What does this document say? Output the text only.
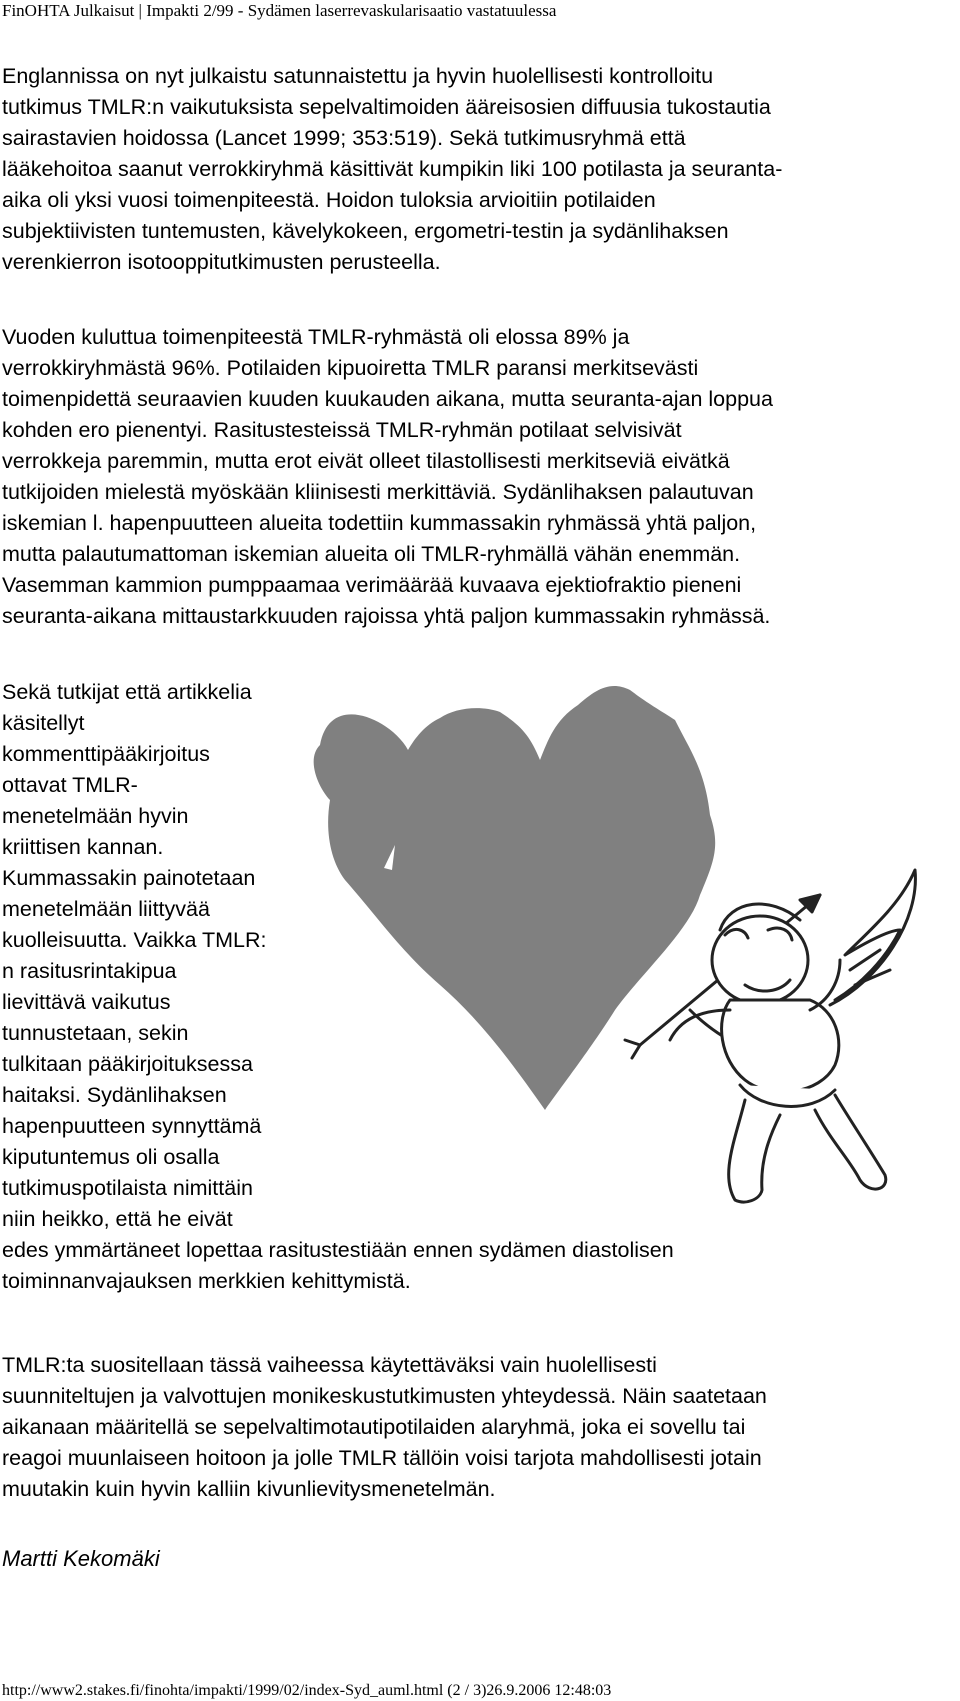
FinOHTA Julkaisut | Impakti 2/99 - Sydämen laserrevaskularisaatio vastatuulessa
Englannissa on nyt julkaistu satunnaistettu ja hyvin huolellisesti kontrolloitu
tutkimus TMLR:n vaikutuksista sepelvaltimoiden ääreisosien diffuusia tukostautia
sairastavien hoidossa (Lancet 1999; 353:519). Sekä tutkimusryhmä että
lääkehoitoa saanut verrokkiryhmä käsittivät kumpikin liki 100 potilasta ja seuranta-
aika oli yksi vuosi toimenpiteestä. Hoidon tuloksia arvioitiin potilaiden
subjektiivisten tuntemusten, kävelykokeen, ergometri-testin ja sydänlihaksen
verenkierron isotooppitutkimusten perusteella.
Vuoden kuluttua toimenpiteestä TMLR-ryhmästä oli elossa 89% ja
verrokkiryhmästä 96%. Potilaiden kipuoiretta TMLR paransi merkitsevästi
toimenpidettä seuraavien kuuden kuukauden aikana, mutta seuranta-ajan loppua
kohden ero pienentyi. Rasitustesteissä TMLR-ryhmän potilaat selvisivät
verrokkeja paremmin, mutta erot eivät olleet tilastollisesti merkitseviä eivätkä
tutkijoiden mielestä myöskään kliinisesti merkittäviä. Sydänlihaksen palautuvan
iskemian l. hapenpuutteen alueita todettiin kummassakin ryhmässä yhtä paljon,
mutta palautumattoman iskemian alueita oli TMLR-ryhmällä vähän enemmän.
Vasemman kammion pumppaamaa verimäärää kuvaava ejektiofraktio pieneni
seuranta-aikana mittaustarkkuuden rajoissa yhtä paljon kummassakin ryhmässä.
Sekä tutkijat että artikkelia
käsitellyt
kommenttipääkirjoitus
ottavat TMLR-
menetelmään hyvin
kriittisen kannan.
Kummassakin painotetaan
menetelmään liittyvää
kuolleisuutta. Vaikka TMLR:
n rasitusrintakipua
lievittävä vaikutus
tunnustetaan, sekin
tulkitaan pääkirjoituksessa
haitaksi. Sydänlihaksen
hapenpuutteen synnyttämä
kiputuntemus oli osalla
tutkimuspotilaista nimittäin
niin heikko, että he eivät
edes ymmärtäneet lopettaa rasitustestiään ennen sydämen diastolisen
toiminnanvajauksen merkkien kehittymistä.
TMLR:ta suositellaan tässä vaiheessa käytettäväksi vain huolellisesti
suunniteltujen ja valvottujen monikeskustutkimusten yhteydessä. Näin saatetaan
aikanaan määritellä se sepelvaltimotautipotilaiden alaryhmä, joka ei sovellu tai
reagoi muunlaiseen hoitoon ja jolle TMLR tällöin voisi tarjota mahdollisesti jotain
muutakin kuin hyvin kalliin kivunlievitysmenetelmän.
Martti Kekomäki
http://www2.stakes.fi/finohta/impakti/1999/02/index-Syd_auml.html (2 / 3)26.9.2006 12:48:03
